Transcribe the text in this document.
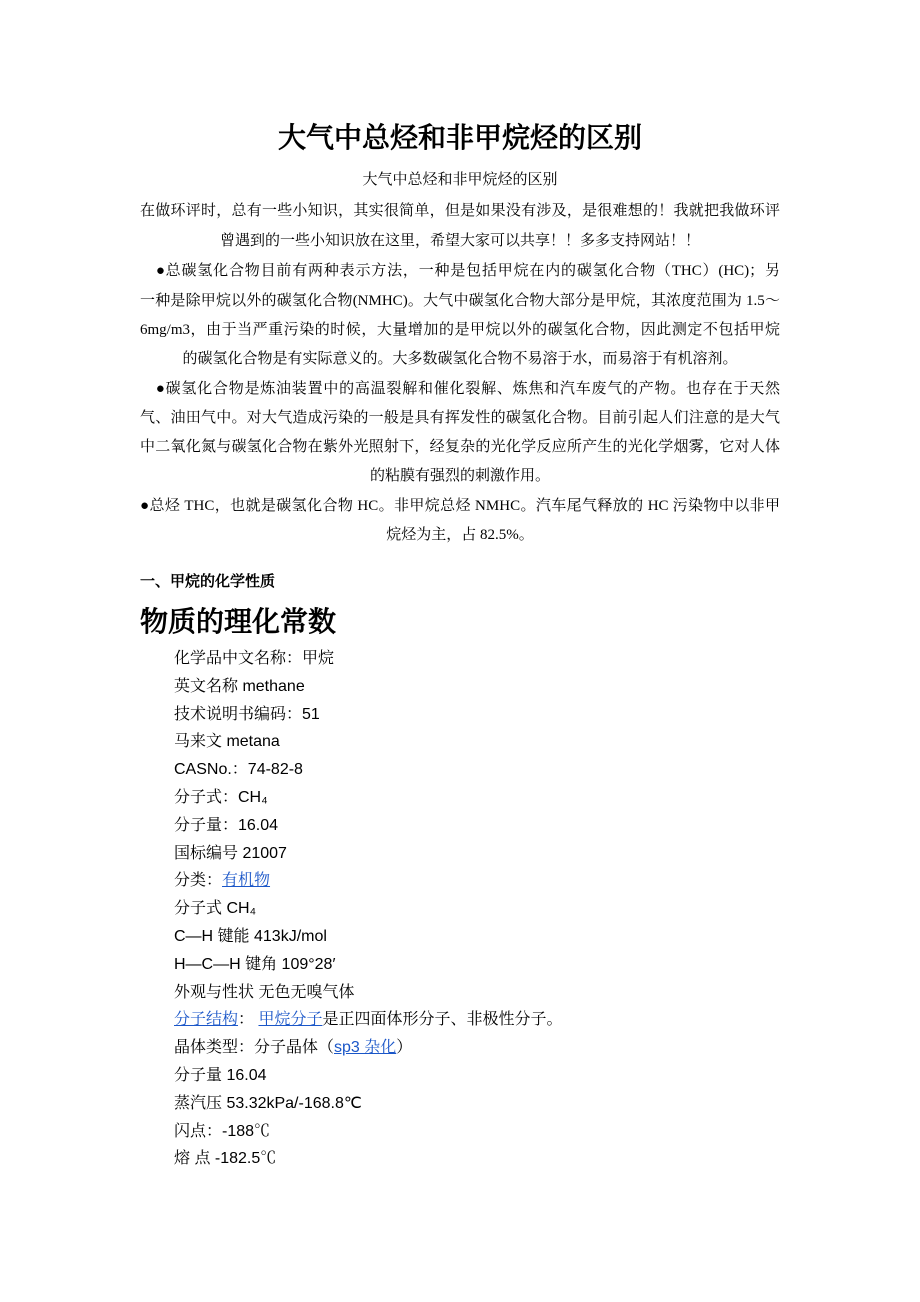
大气中总烃和非甲烷烃的区别
大气中总烃和非甲烷烃的区别
在做环评时，总有一些小知识，其实很简单，但是如果没有涉及，是很难想的！我就把我做环评
曾遇到的一些小知识放在这里，希望大家可以共享！！多多支持网站！！
　●总碳氢化合物目前有两种表示方法，一种是包括甲烷在内的碳氢化合物（THC）(HC)；另
一种是除甲烷以外的碳氢化合物(NMHC)。大气中碳氢化合物大部分是甲烷，其浓度范围为 1.5～
6mg/m3，由于当严重污染的时候，大量增加的是甲烷以外的碳氢化合物，因此测定不包括甲烷
的碳氢化合物是有实际意义的。大多数碳氢化合物不易溶于水，而易溶于有机溶剂。
　●碳氢化合物是炼油装置中的高温裂解和催化裂解、炼焦和汽车废气的产物。也存在于天然
气、油田气中。对大气造成污染的一般是具有挥发性的碳氢化合物。目前引起人们注意的是大气
中二氧化氮与碳氢化合物在紫外光照射下，经复杂的光化学反应所产生的光化学烟雾，它对人体
的粘膜有强烈的刺激作用。
●总烃 THC，也就是碳氢化合物 HC。非甲烷总烃 NMHC。汽车尾气释放的 HC 污染物中以非甲
烷烃为主，占 82.5%。
一、甲烷的化学性质
物质的理化常数
化学品中文名称：甲烷
英文名称 methane
技术说明书编码：51
马来文 metana
CASNo.：74-82-8
分子式：CH₄
分子量：16.04
国标编号 21007
分类：有机物
分子式 CH₄
C—H 键能 413kJ/mol
H—C—H 键角 109°28′
外观与性状 无色无嗅气体
分子结构： 甲烷分子是正四面体形分子、非极性分子。
晶体类型：分子晶体（sp3 杂化）
分子量 16.04
蒸汽压 53.32kPa/-168.8℃
闪点：-188℃
熔 点 -182.5℃
